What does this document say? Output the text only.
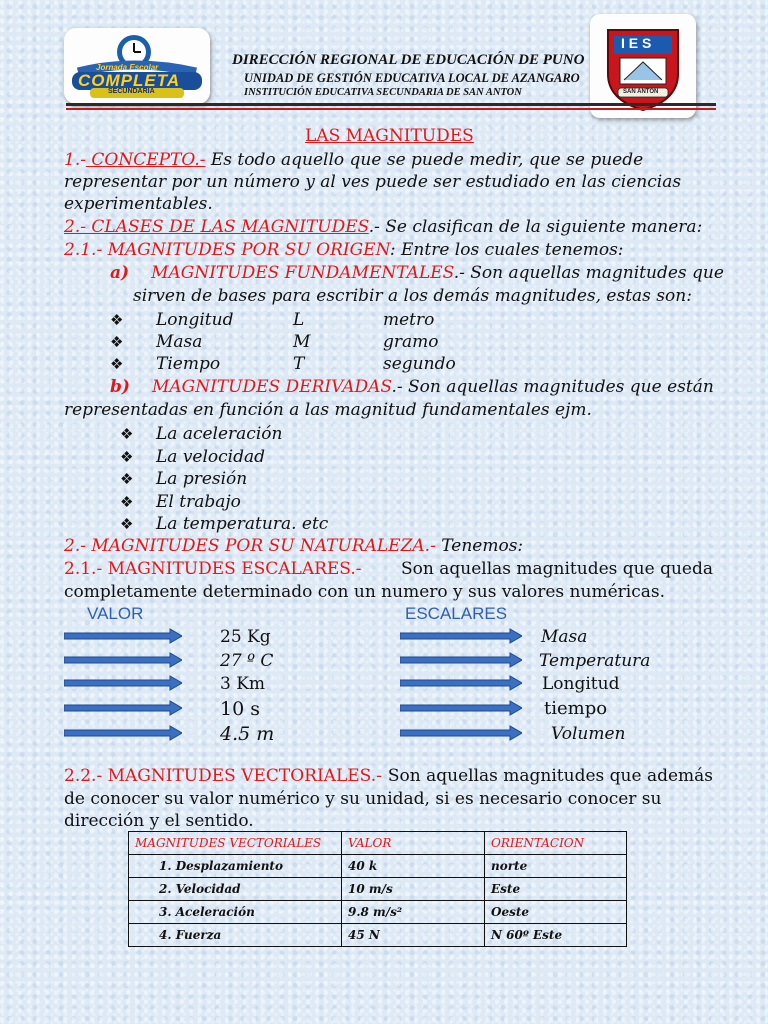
Jornada Escolar
COMPLETA
SECUNDARIA
I E S
SAN ANTON
DIRECCIÓN REGIONAL DE EDUCACIÓN DE PUNO
UNIDAD DE GESTIÓN EDUCATIVA LOCAL DE AZANGARO
INSTITUCIÓN EDUCATIVA SECUNDARIA DE SAN ANTON
LAS MAGNITUDES
1.- CONCEPTO.- Es todo aquello que se puede medir, que se puede
representar por un número y al ves puede ser estudiado en las ciencias
experimentables.
2.- CLASES DE LAS MAGNITUDES.- Se clasifican de la siguiente manera:
2.1.- MAGNITUDES POR SU ORIGEN: Entre los cuales tenemos:
a) MAGNITUDES FUNDAMENTALES.- Son aquellas magnitudes que
sirven de bases para escribir a los demás magnitudes, estas son:
❖ Longitud	L	metro
❖ Masa	M	gramo
❖ Tiempo	T	segundo
b) MAGNITUDES DERIVADAS.- Son aquellas magnitudes que están
representadas en función a las magnitud fundamentales ejm.
❖ La aceleración
❖ La velocidad
❖ La presión
❖ El trabajo
❖ La temperatura. etc
2.- MAGNITUDES POR SU NATURALEZA.- Tenemos:
2.1.- MAGNITUDES ESCALARES.- Son aquellas magnitudes que queda
completamente determinado con un numero y sus valores numéricas.
VALOR	ESCALARES
25 Kg	Masa
27 º C	Temperatura
3 Km	Longitud
10 s	tiempo
4.5 m	Volumen
2.2.- MAGNITUDES VECTORIALES.- Son aquellas magnitudes que además
de conocer su valor numérico y su unidad, si es necesario conocer su
dirección y el sentido.
MAGNITUDES VECTORIALES	VALOR	ORIENTACION
1. Desplazamiento	40 k	norte
2. Velocidad	10 m/s	Este
3. Aceleración	9.8 m/s²	Oeste
4. Fuerza	45 N	N 60º Este
